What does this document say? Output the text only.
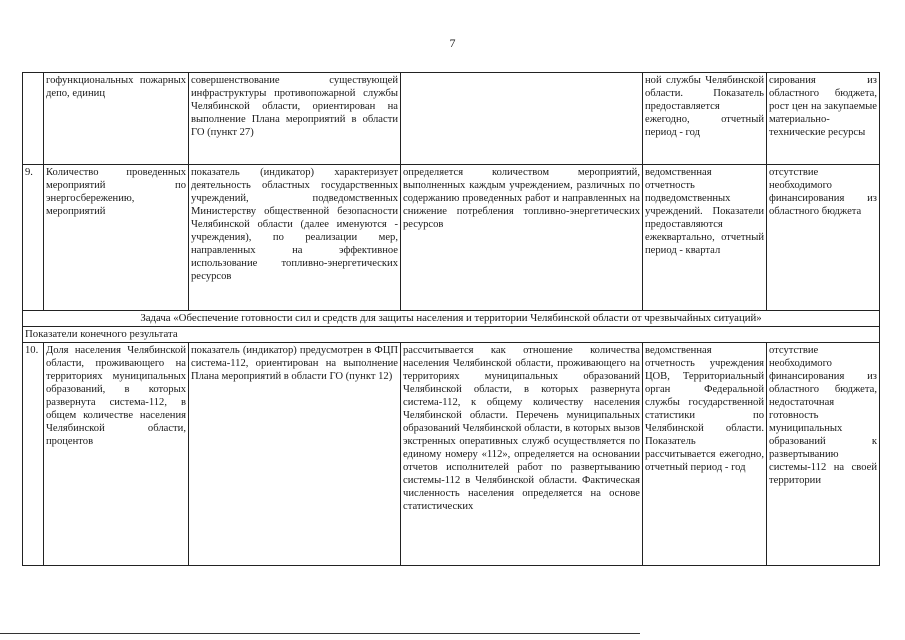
7
	гофункциональных пожарных депо, единиц	совершенствование существующей инфраструктуры противопожарной службы Челябинской области, ориентирован на выполнение Плана мероприятий в области ГО (пункт 27)		ной службы Челябинской области. Показатель предоставляется ежегодно, отчетный период - год	сирования из областного бюджета, рост цен на закупаемые материально-технические ресурсы
9.	Количество проведенных мероприятий по энергосбережению, мероприятий	показатель (индикатор) характеризует деятельность областных государственных учреждений, подведомственных Министерству общественной безопасности Челябинской области (далее именуются - учреждения), по реализации мер, направленных на эффективное использование топливно-энергетических ресурсов	определяется количеством мероприятий, выполненных каждым учреждением, различных по содержанию проведенных работ и направленных на снижение потребления топливно-энергетических ресурсов	ведомственная отчетность подведомственных учреждений. Показатели предоставляются ежеквартально, отчетный период - квартал	отсутствие необходимого финансирования из областного бюджета
Задача «Обеспечение готовности сил и средств для защиты населения и территории Челябинской области от чрезвычайных ситуаций»					
Показатели конечного результата					
10.	Доля населения Челябинской области, проживающего на территориях муниципальных образований, в которых развернута система-112, в общем количестве населения Челябинской области, процентов	показатель (индикатор) предусмотрен в ФЦП система-112, ориентирован на выполнение Плана мероприятий в области ГО (пункт 12)	рассчитывается как отношение количества населения Челябинской области, проживающего на территориях муниципальных образований Челябинской области, в которых развернута система-112, к общему количеству населения Челябинской области. Перечень муниципальных образований Челябинской области, в которых вызов экстренных оперативных служб осуществляется по единому номеру «112», определяется на основании отчетов исполнителей работ по развертыванию системы-112 в Челябинской области. Фактическая численность населения определяется на основе статистических	ведомственная отчетность учреждения ЦОВ, Территориальный орган Федеральной службы государственной статистики по Челябинской области. Показатель рассчитывается ежегодно, отчетный период - год	отсутствие необходимого финансирования из областного бюджета, недостаточная готовность муниципальных образований к развертыванию системы-112 на своей территории
